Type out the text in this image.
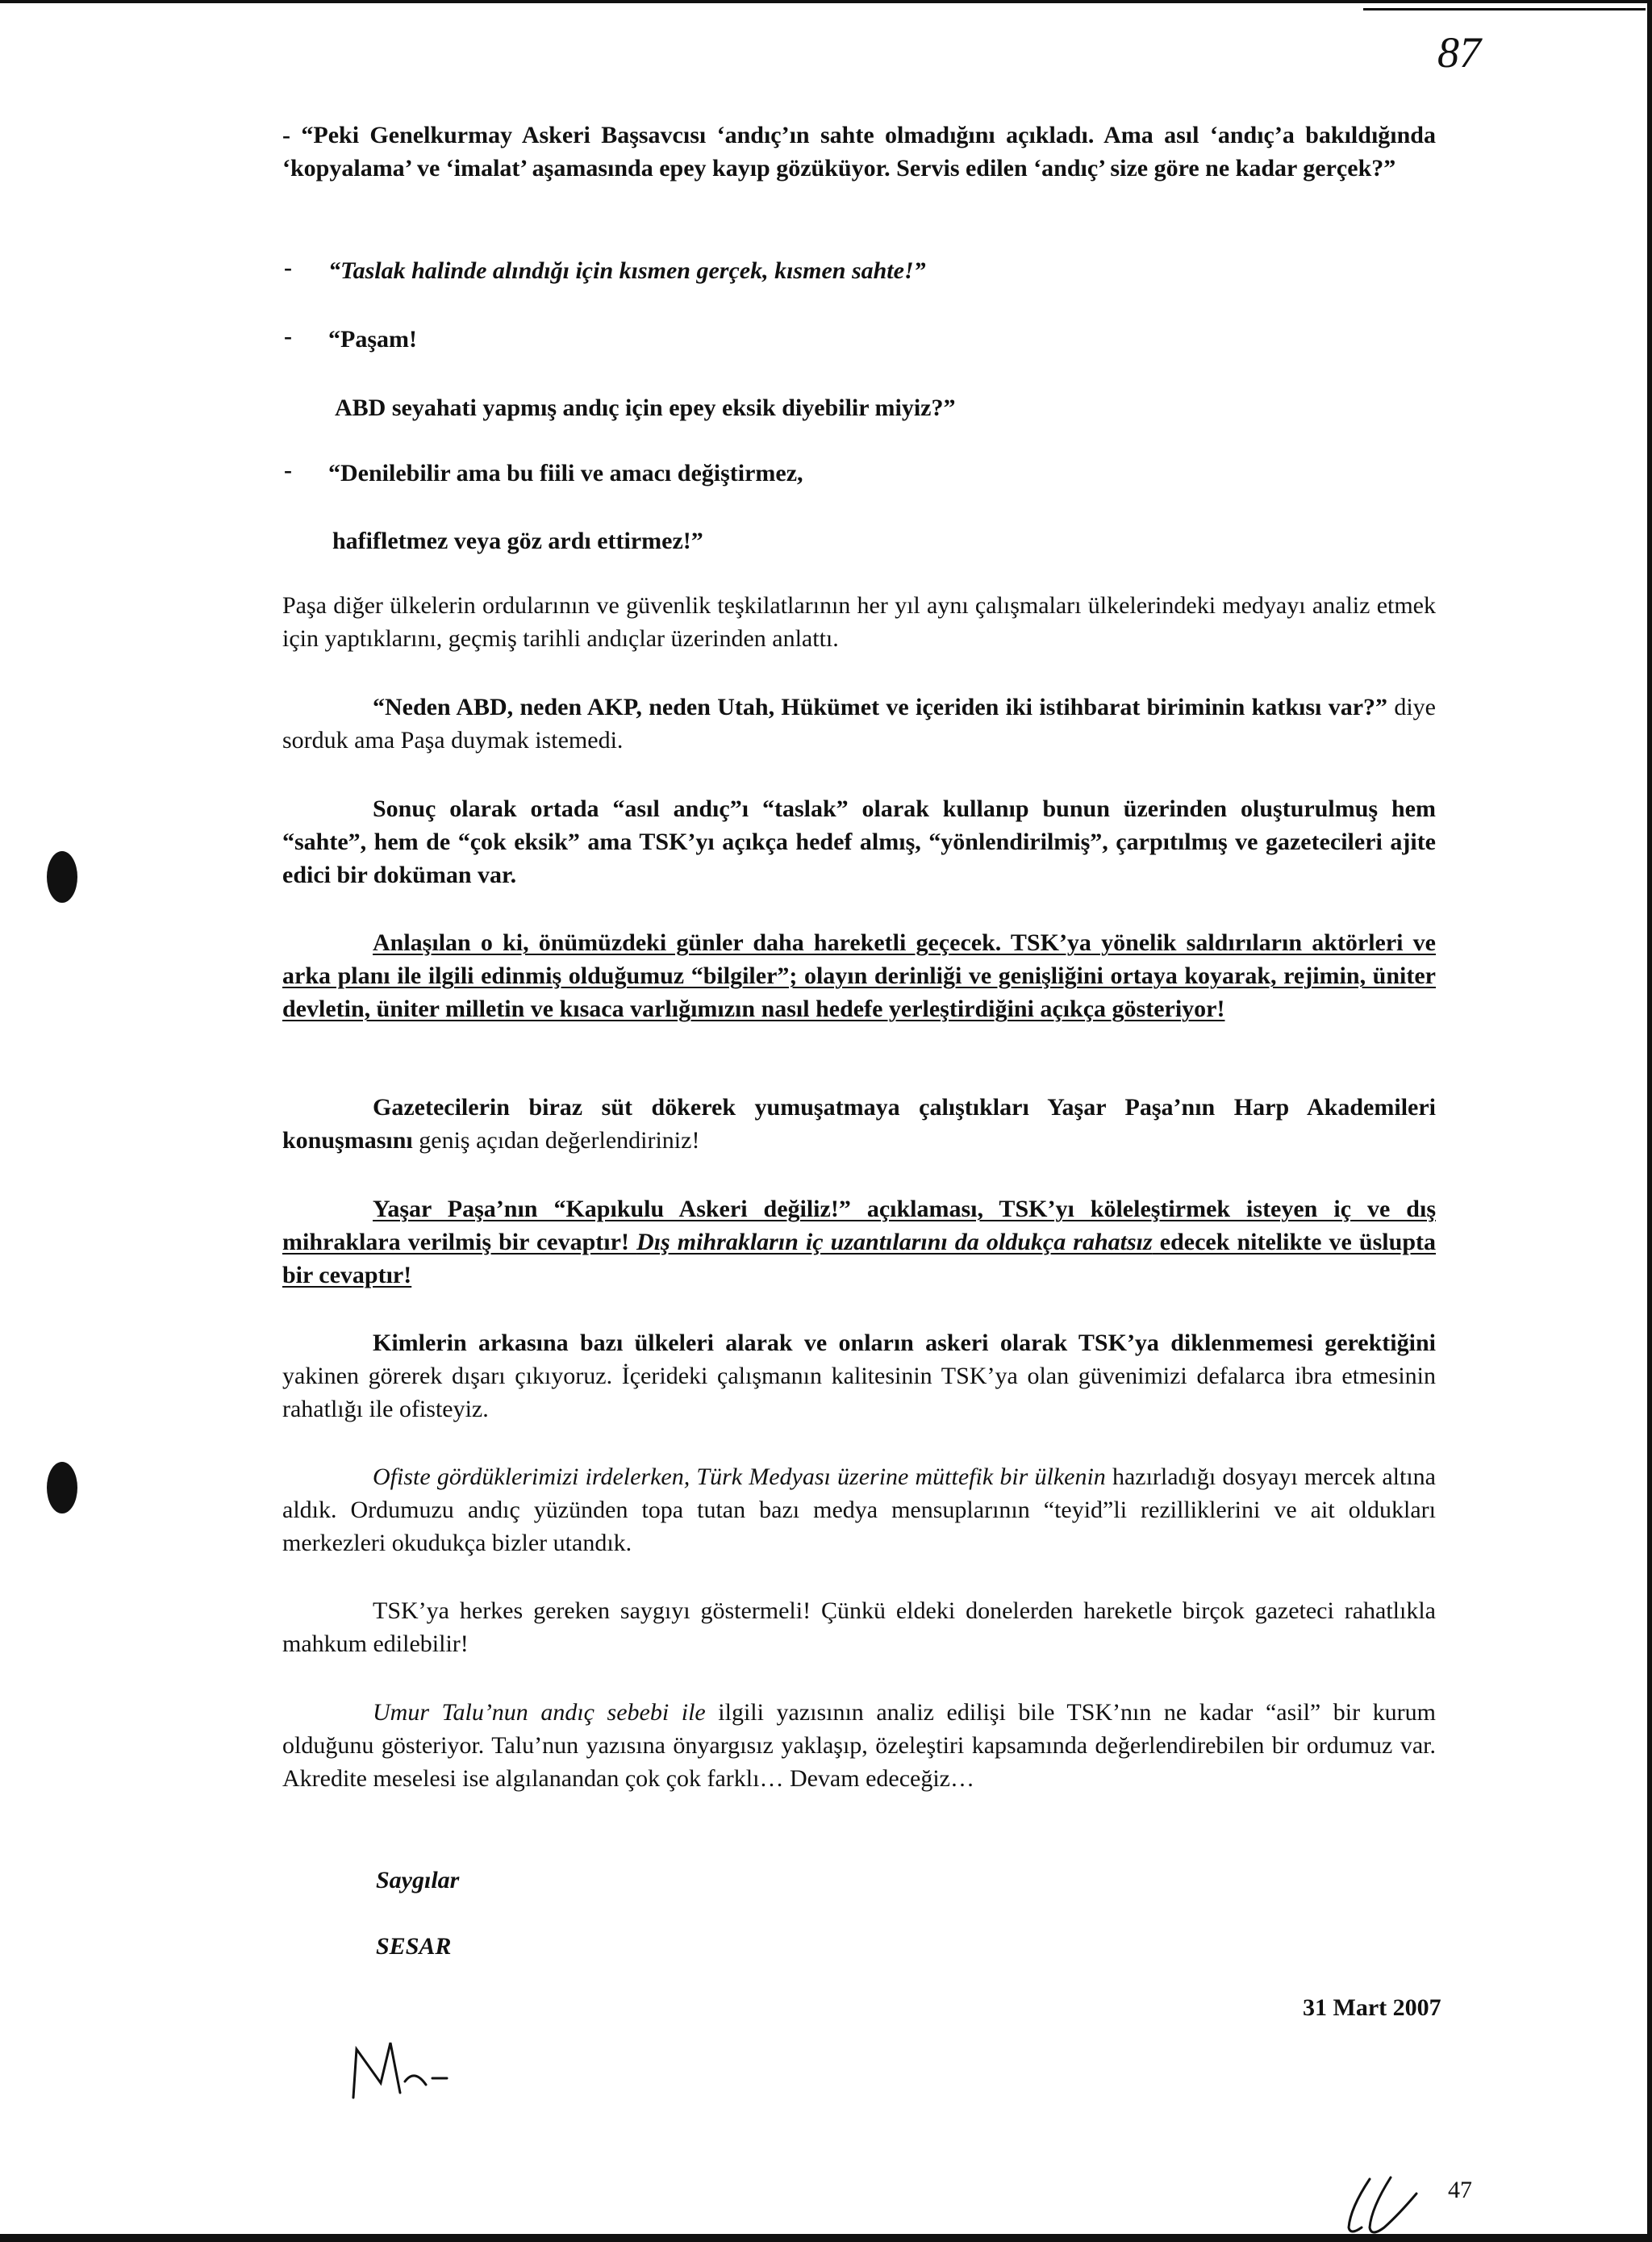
87
- “Peki Genelkurmay Askeri Başsavcısı ‘andıç’ın sahte olmadığını açıkladı. Ama asıl ‘andıç’a bakıldığında ‘kopyalama’ ve ‘imalat’ aşamasında epey kayıp gözüküyor. Servis edilen ‘andıç’ size göre ne kadar gerçek?”
- “Taslak halinde alındığı için kısmen gerçek, kısmen sahte!”
- “Paşam!
ABD seyahati yapmış andıç için epey eksik diyebilir miyiz?”
- “Denilebilir ama bu fiili ve amacı değiştirmez,
hafifletmez veya göz ardı ettirmez!”
Paşa diğer ülkelerin ordularının ve güvenlik teşkilatlarının her yıl aynı çalışmaları ülkelerindeki medyayı analiz etmek için yaptıklarını, geçmiş tarihli andıçlar üzerinden anlattı.
“Neden ABD, neden AKP, neden Utah, Hükümet ve içeriden iki istihbarat biriminin katkısı var?” diye sorduk ama Paşa duymak istemedi.
Sonuç olarak ortada “asıl andıç”ı “taslak” olarak kullanıp bunun üzerinden oluşturulmuş hem “sahte”, hem de “çok eksik” ama TSK’yı açıkça hedef almış, “yönlendirilmiş”, çarpıtılmış ve gazetecileri ajite edici bir doküman var.
Anlaşılan o ki, önümüzdeki günler daha hareketli geçecek. TSK’ya yönelik saldırıların aktörleri ve arka planı ile ilgili edinmiş olduğumuz “bilgiler”; olayın derinliği ve genişliğini ortaya koyarak, rejimin, üniter devletin, üniter milletin ve kısaca varlığımızın nasıl hedefe yerleştirdiğini açıkça gösteriyor!
Gazetecilerin biraz süt dökerek yumuşatmaya çalıştıkları Yaşar Paşa’nın Harp Akademileri konuşmasını geniş açıdan değerlendiriniz!
Yaşar Paşa’nın “Kapıkulu Askeri değiliz!” açıklaması, TSK’yı köleleştirmek isteyen iç ve dış mihraklara verilmiş bir cevaptır! Dış mihrakların iç uzantılarını da oldukça rahatsız edecek nitelikte ve üslupta bir cevaptır!
Kimlerin arkasına bazı ülkeleri alarak ve onların askeri olarak TSK’ya diklenmemesi gerektiğini yakinen görerek dışarı çıkıyoruz. İçerideki çalışmanın kalitesinin TSK’ya olan güvenimizi defalarca ibra etmesinin rahatlığı ile ofisteyiz.
Ofiste gördüklerimizi irdelerken, Türk Medyası üzerine müttefik bir ülkenin hazırladığı dosyayı mercek altına aldık. Ordumuzu andıç yüzünden topa tutan bazı medya mensuplarının “teyid”li rezilliklerini ve ait oldukları merkezleri okudukça bizler utandık.
TSK’ya herkes gereken saygıyı göstermeli! Çünkü eldeki donelerden hareketle birçok gazeteci rahatlıkla mahkum edilebilir!
Umur Talu’nun andıç sebebi ile ilgili yazısının analiz edilişi bile TSK’nın ne kadar “asil” bir kurum olduğunu gösteriyor. Talu’nun yazısına önyargısız yaklaşıp, özeleştiri kapsamında değerlendirebilen bir ordumuz var. Akredite meselesi ise algılanandan çok çok farklı… Devam edeceğiz…
Saygılar
SESAR
31 Mart 2007
47
